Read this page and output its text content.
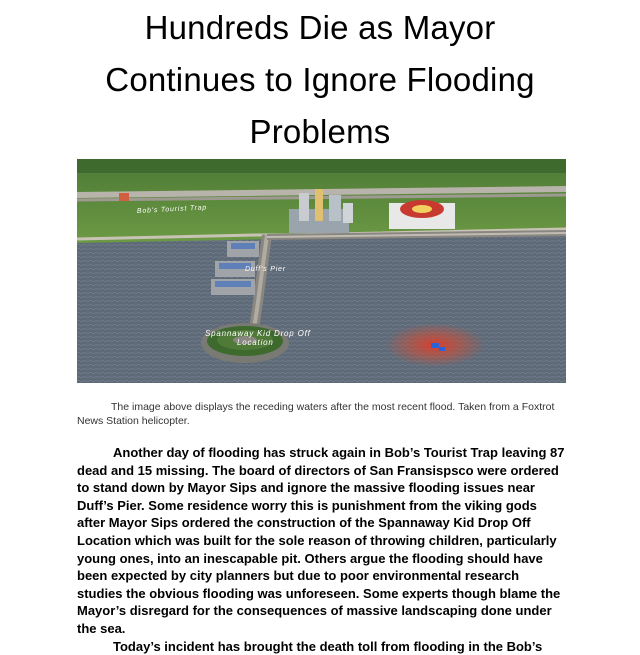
Hundreds Die as Mayor
Continues to Ignore Flooding
Problems
Bob's Tourist Trap
Duff's Pier
Spannaway Kid Drop Off
Location
The image above displays the receding waters after the most recent flood. Taken from a Foxtrot News Station helicopter.

Another day of flooding has struck again in Bob’s Tourist Trap leaving 87 dead and 15 missing. The board of directors of San Fransispsco were ordered to stand down by Mayor Sips and ignore the massive flooding issues near Duff’s Pier. Some residence worry this is punishment from the viking gods after Mayor Sips ordered the construction of the Spannaway Kid Drop Off Location which was built for the sole reason of throwing children, particularly young ones, into an inescapable pit. Others argue the flooding should have been expected by city planners but due to poor environmental research studies the obvious flooding was unforeseen. Some experts though blame the Mayor’s disregard for the consequences of massive landscaping done under the sea.

Today’s incident has brought the death toll from flooding in the Bob’s
